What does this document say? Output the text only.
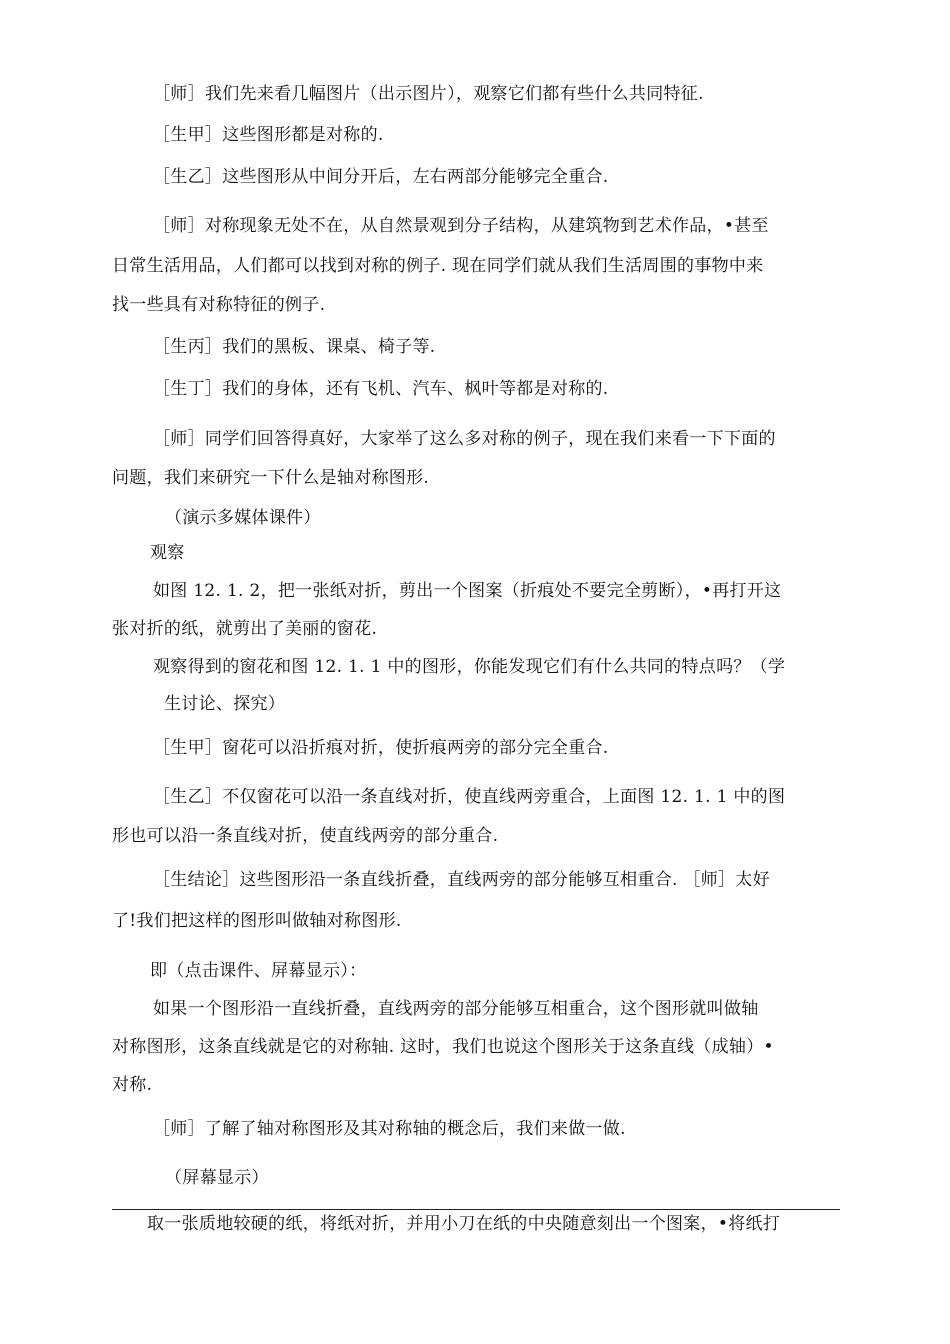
［师］我们先来看几幅图片（出示图片），观察它们都有些什么共同特征.
［生甲］这些图形都是对称的.
［生乙］这些图形从中间分开后，左右两部分能够完全重合.
［师］对称现象无处不在，从自然景观到分子结构，从建筑物到艺术作品，•甚至
日常生活用品，人们都可以找到对称的例子. 现在同学们就从我们生活周围的事物中来
找一些具有对称特征的例子.
［生丙］我们的黑板、课桌、椅子等.
［生丁］我们的身体，还有飞机、汽车、枫叶等都是对称的.
［师］同学们回答得真好，大家举了这么多对称的例子，现在我们来看一下下面的
问题，我们来研究一下什么是轴对称图形.
（演示多媒体课件）
观察
如图 12. 1. 2，把一张纸对折，剪出一个图案（折痕处不要完全剪断），•再打开这
张对折的纸，就剪出了美丽的窗花.
观察得到的窗花和图 12. 1. 1 中的图形，你能发现它们有什么共同的特点吗？（学
生讨论、探究）
［生甲］窗花可以沿折痕对折，使折痕两旁的部分完全重合.
［生乙］不仅窗花可以沿一条直线对折，使直线两旁重合，上面图 12. 1. 1 中的图
形也可以沿一条直线对折，使直线两旁的部分重合.
［生结论］这些图形沿一条直线折叠，直线两旁的部分能够互相重合. ［师］太好
了!我们把这样的图形叫做轴对称图形.
即（点击课件、屏幕显示）：
如果一个图形沿一直线折叠，直线两旁的部分能够互相重合，这个图形就叫做轴
对称图形，这条直线就是它的对称轴. 这时，我们也说这个图形关于这条直线（成轴）•
对称.
［师］了解了轴对称图形及其对称轴的概念后，我们来做一做.
（屏幕显示）
取一张质地较硬的纸，将纸对折，并用小刀在纸的中央随意刻出一个图案，•将纸打
